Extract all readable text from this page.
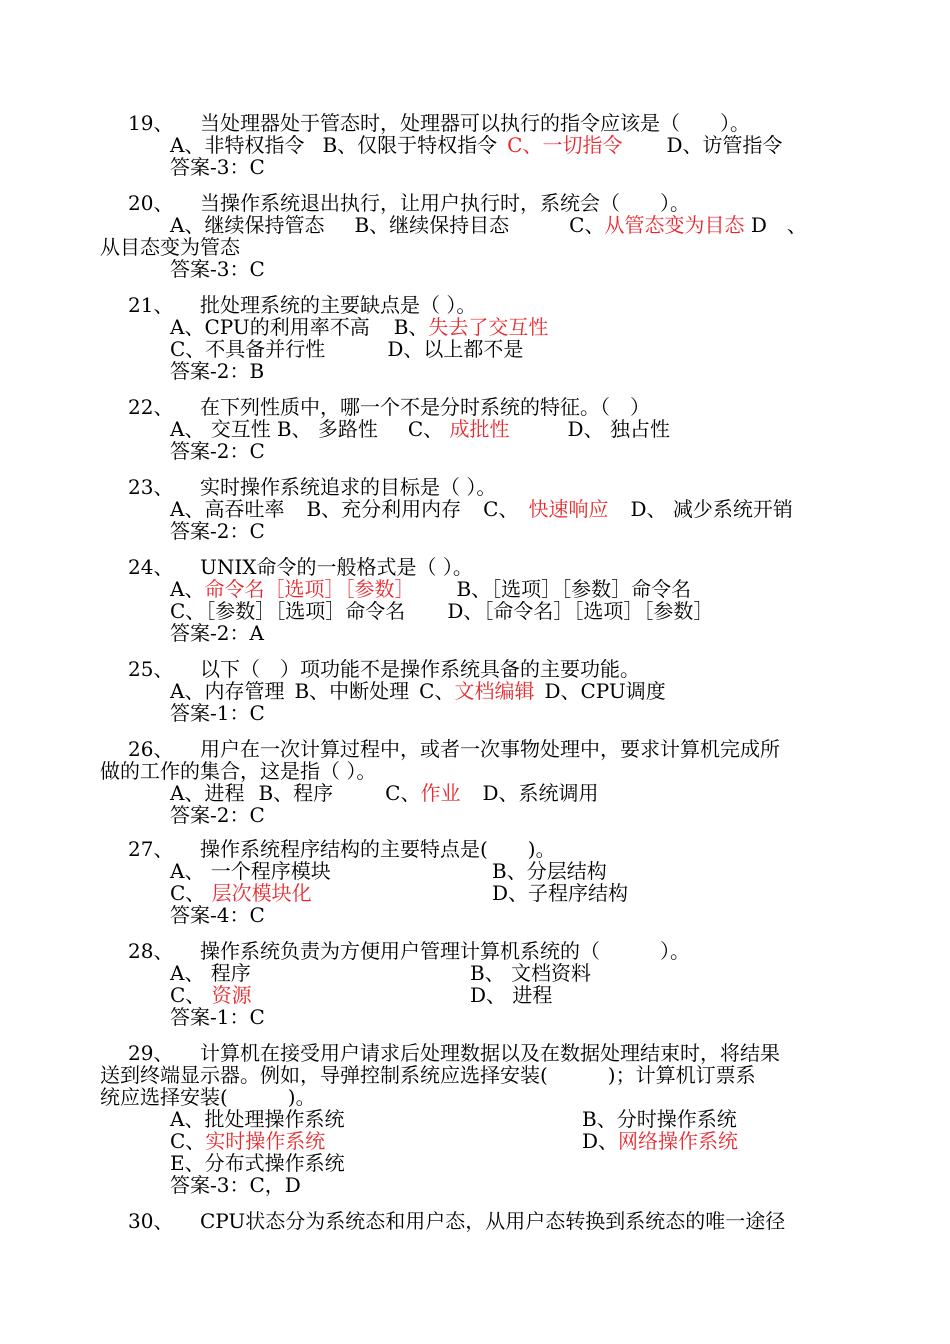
19、 当处理器处于管态时，处理器可以执行的指令应该是（　　）。
A、非特权指令 B、仅限于特权指令 C、一切指令 D、访管指令
答案-3：C
20、 当操作系统退出执行，让用户执行时，系统会（　　）。
A、继续保持管态 B、继续保持目态	C、从管态变为目态 D　、
从目态变为管态
答案-3：C
21、 批处理系统的主要缺点是（ ）。
A、CPU的利用率不高 B、失去了交互性
C、不具备并行性	D、以上都不是
答案-2：B
22、 在下列性质中，哪一个不是分时系统的特征。（　）
A、 交互性 B、 多路性 C、 成批性	D、 独占性
答案-2：C
23、 实时操作系统追求的目标是（ ）。
A、高吞吐率 B、充分利用内存 C、　快速响应 D、 减少系统开销
答案-2：C
24、 UNIX命令的一般格式是（ ）。
A、命令名［选项］［参数］ B、［选项］［参数］命令名
C、［参数］［选项］命令名 D、［命令名］［选项］［参数］
答案-2：A
25、 以下（　）项功能不是操作系统具备的主要功能。
A、内存管理 B、中断处理 C、文档编辑 D、CPU调度
答案-1：C
26、 用户在一次计算过程中，或者一次事物处理中，要求计算机完成所
做的工作的集合，这是指（ ）。
A、进程 B、程序	C、作业 D、系统调用
答案-2：C
27、 操作系统程序结构的主要特点是(　　)。
A、 一个程序模块	B、分层结构
C、 层次模块化	D、子程序结构
答案-4：C
28、 操作系统负责为方便用户管理计算机系统的（　　　）。
A、 程序	B、 文档资料
C、 资源	D、 进程
答案-1：C
29、 计算机在接受用户请求后处理数据以及在数据处理结束时，将结果
送到终端显示器。例如，导弹控制系统应选择安装(　　　)；计算机订票系
统应选择安装(　　　)。
A、批处理操作系统	B、分时操作系统
C、实时操作系统	D、网络操作系统
E、分布式操作系统
答案-3：C，D
30、 CPU状态分为系统态和用户态，从用户态转换到系统态的唯一途径
